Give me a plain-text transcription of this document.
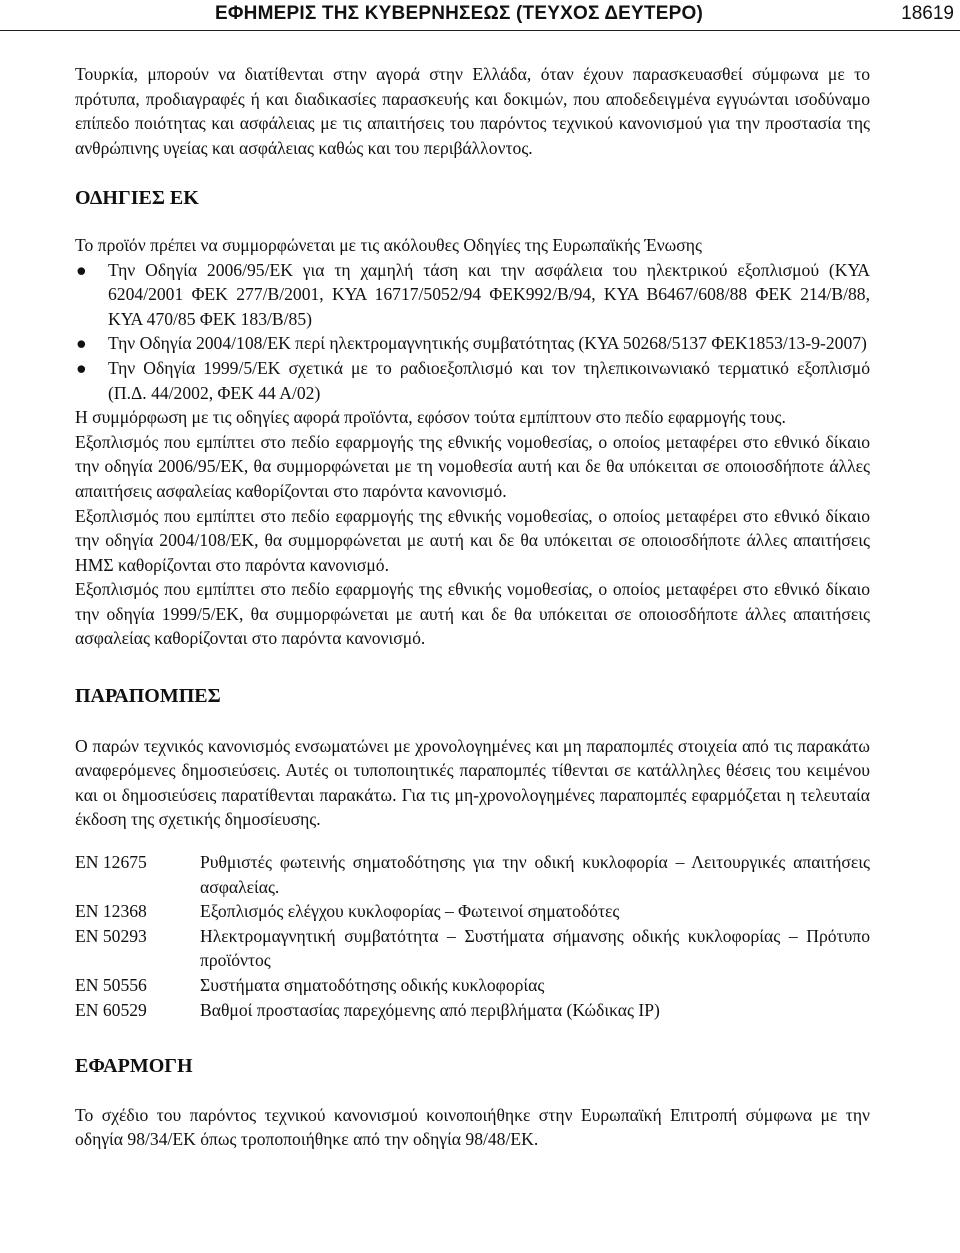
ΕΦΗΜΕΡΙΣ ΤΗΣ ΚΥΒΕΡΝΗΣΕΩΣ (ΤΕΥΧΟΣ ΔΕΥΤΕΡΟ)	18619

Τουρκία, μπορούν να διατίθενται στην αγορά στην Ελλάδα, όταν έχουν παρασκευασθεί σύμφωνα με το πρότυπα, προδιαγραφές ή και διαδικασίες παρασκευής και δοκιμών, που αποδεδειγμένα εγγυώνται ισοδύναμο επίπεδο ποιότητας και ασφάλειας με τις απαιτήσεις του παρόντος τεχνικού κανονισμού για την προστασία της ανθρώπινης υγείας και ασφάλειας καθώς και του περιβάλλοντος.

ΟΔΗΓΙΕΣ ΕΚ

Το προϊόν πρέπει να συμμορφώνεται με τις ακόλουθες Οδηγίες της Ευρωπαϊκής Ένωσης

● Την Οδηγία 2006/95/ΕΚ για τη χαμηλή τάση και την ασφάλεια του ηλεκτρικού εξοπλισμού (ΚΥΑ 6204/2001 ΦΕΚ 277/Β/2001, ΚΥΑ 16717/5052/94 ΦΕΚ992/Β/94, ΚΥΑ Β6467/608/88 ΦΕΚ 214/Β/88, ΚΥΑ 470/85 ΦΕΚ 183/Β/85)
● Την Οδηγία 2004/108/ΕΚ περί ηλεκτρομαγνητικής συμβατότητας (ΚΥΑ 50268/5137 ΦΕΚ1853/13-9-2007)
● Την Οδηγία 1999/5/ΕΚ σχετικά με το ραδιοεξοπλισμό και τον τηλεπικοινωνιακό τερματικό εξοπλισμό (Π.Δ. 44/2002, ΦΕΚ 44 Α/02)

Η συμμόρφωση με τις οδηγίες αφορά προϊόντα, εφόσον τούτα εμπίπτουν στο πεδίο εφαρμογής τους.

Εξοπλισμός που εμπίπτει στο πεδίο εφαρμογής της εθνικής νομοθεσίας, ο οποίος μεταφέρει στο εθνικό δίκαιο την οδηγία 2006/95/ΕΚ, θα συμμορφώνεται με τη νομοθεσία αυτή και δε θα υπόκειται σε οποιοσδήποτε άλλες απαιτήσεις ασφαλείας καθορίζονται στο παρόντα κανονισμό.

Εξοπλισμός που εμπίπτει στο πεδίο εφαρμογής της εθνικής νομοθεσίας, ο οποίος μεταφέρει στο εθνικό δίκαιο την οδηγία 2004/108/ΕΚ, θα συμμορφώνεται με αυτή και δε θα υπόκειται σε οποιοσδήποτε άλλες απαιτήσεις ΗΜΣ καθορίζονται στο παρόντα κανονισμό.

Εξοπλισμός που εμπίπτει στο πεδίο εφαρμογής της εθνικής νομοθεσίας, ο οποίος μεταφέρει στο εθνικό δίκαιο την οδηγία 1999/5/ΕΚ, θα συμμορφώνεται με αυτή και δε θα υπόκειται σε οποιοσδήποτε άλλες απαιτήσεις ασφαλείας καθορίζονται στο παρόντα κανονισμό.

ΠΑΡΑΠΟΜΠΕΣ

Ο παρών τεχνικός κανονισμός ενσωματώνει με χρονολογημένες και μη παραπομπές στοιχεία από τις παρακάτω αναφερόμενες δημοσιεύσεις. Αυτές οι τυποποιητικές παραπομπές τίθενται σε κατάλληλες θέσεις του κειμένου και οι δημοσιεύσεις παρατίθενται παρακάτω. Για τις μη-χρονολογημένες παραπομπές εφαρμόζεται η τελευταία έκδοση της σχετικής δημοσίευσης.

ΕΝ 12675	Ρυθμιστές φωτεινής σηματοδότησης για την οδική κυκλοφορία – Λειτουργικές απαιτήσεις ασφαλείας.
ΕΝ 12368	Εξοπλισμός ελέγχου κυκλοφορίας – Φωτεινοί σηματοδότες
ΕΝ 50293	Ηλεκτρομαγνητική συμβατότητα – Συστήματα σήμανσης οδικής κυκλοφορίας – Πρότυπο προϊόντος
ΕΝ 50556	Συστήματα σηματοδότησης οδικής κυκλοφορίας
ΕΝ 60529	Βαθμοί προστασίας παρεχόμενης από περιβλήματα (Κώδικας IP)
ΕΦΑΡΜΟΓΗ

Το σχέδιο του παρόντος τεχνικού κανονισμού κοινοποιήθηκε στην Ευρωπαϊκή Επιτροπή σύμφωνα με την οδηγία 98/34/ΕΚ όπως τροποποιήθηκε από την οδηγία 98/48/ΕΚ.
